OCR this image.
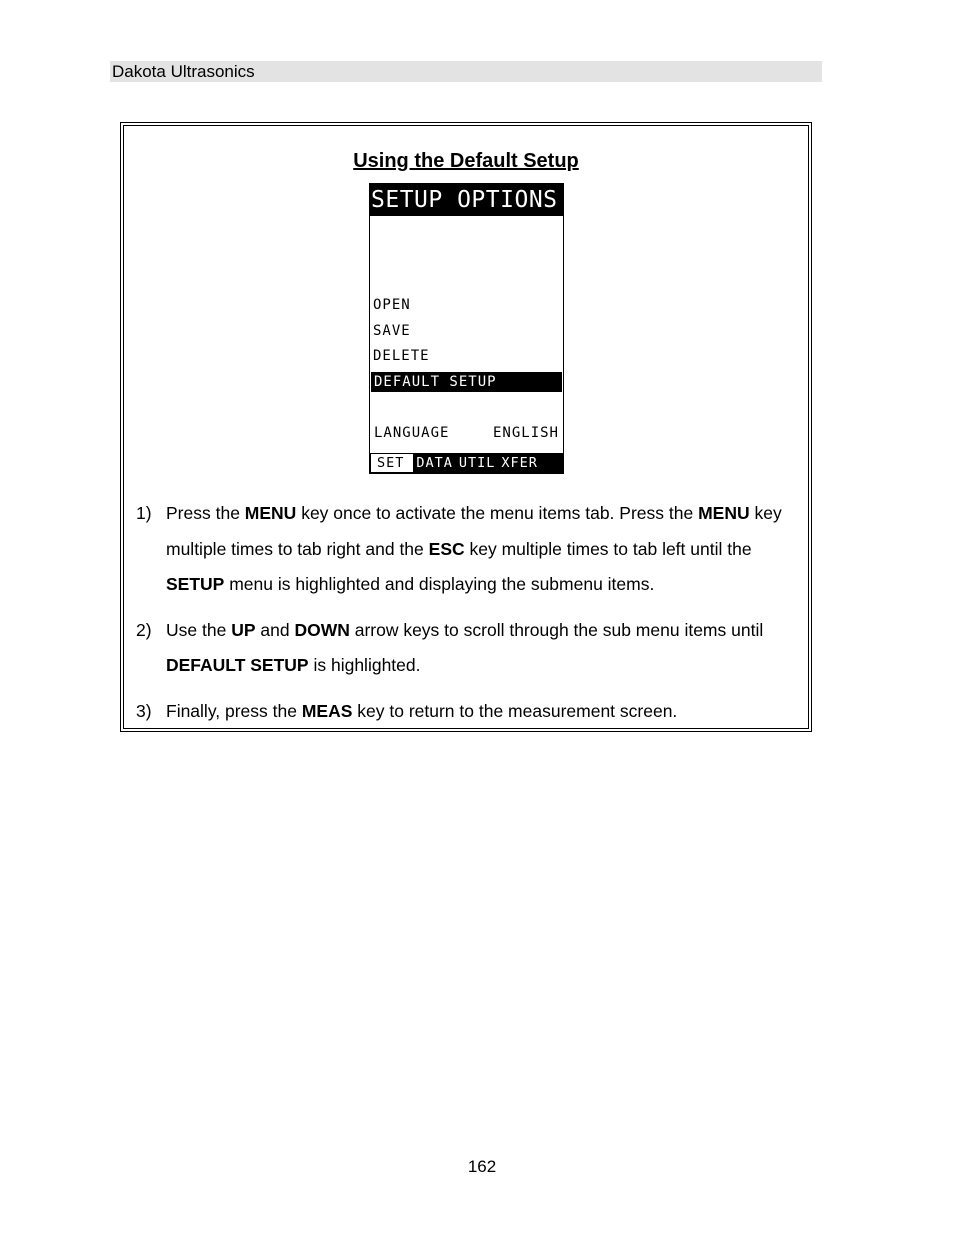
Dakota Ultrasonics
Using the Default Setup
SETUP OPTIONS
OPEN
SAVE
DELETE
DEFAULT SETUP
LANGUAGE	ENGLISH
SET DATA UTIL XFER
1) Press the MENU key once to activate the menu items tab. Press the MENU key multiple times to tab right and the ESC key multiple times to tab left until the SETUP menu is highlighted and displaying the submenu items.
2) Use the UP and DOWN arrow keys to scroll through the sub menu items until DEFAULT SETUP is highlighted.
3) Finally, press the MEAS key to return to the measurement screen.
162
